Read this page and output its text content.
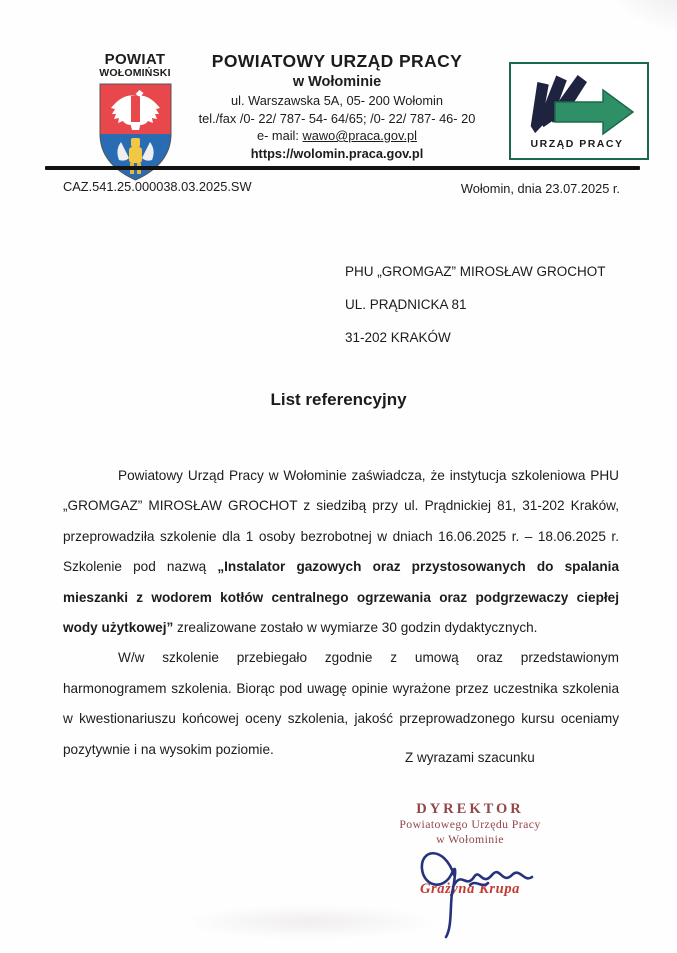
POWIAT
WOŁOMIŃSKI
POWIATOWY URZĄD PRACY
w Wołominie
ul. Warszawska 5A, 05- 200 Wołomin
tel./fax /0- 22/ 787- 54- 64/65; /0- 22/ 787- 46- 20
e- mail: wawo@praca.gov.pl
https://wolomin.praca.gov.pl
URZĄD PRACY
CAZ.541.25.000038.03.2025.SW	Wołomin, dnia 23.07.2025 r.
PHU „GROMGAZ” MIROSŁAW GROCHOT
UL. PRĄDNICKA 81
31-202 KRAKÓW
List referencyjny

Powiatowy Urząd Pracy w Wołominie zaświadcza, że instytucja szkoleniowa PHU „GROMGAZ” MIROSŁAW GROCHOT z siedzibą przy ul. Prądnickiej 81, 31-202 Kraków, przeprowadziła szkolenie dla 1 osoby bezrobotnej w dniach 16.06.2025 r. – 18.06.2025 r. Szkolenie pod nazwą „Instalator gazowych oraz przystosowanych do spalania mieszanki z wodorem kotłów centralnego ogrzewania oraz podgrzewaczy ciepłej wody użytkowej” zrealizowane zostało w wymiarze 30 godzin dydaktycznych.

W/w szkolenie przebiegało zgodnie z umową oraz przedstawionym harmonogramem szkolenia. Biorąc pod uwagę opinie wyrażone przez uczestnika szkolenia w kwestionariuszu końcowej oceny szkolenia, jakość przeprowadzonego kursu oceniamy pozytywnie i na wysokim poziomie.

Z wyrazami szacunku
DYREKTOR
Powiatowego Urzędu Pracy
w Wołominie
Grażyna Krupa
